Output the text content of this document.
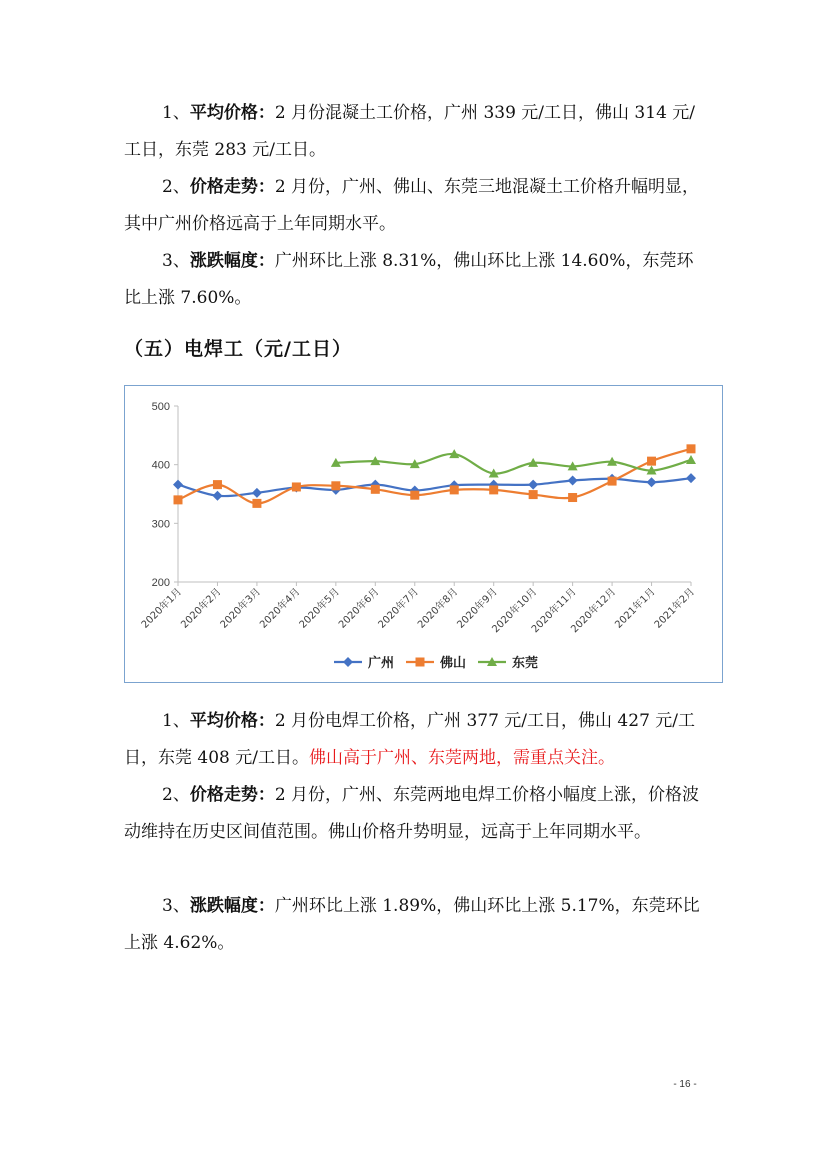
1、平均价格：2 月份混凝土工价格，广州 339 元/工日，佛山 314 元/工日，东莞 283 元/工日。

2、价格走势：2 月份，广州、佛山、东莞三地混凝土工价格升幅明显，其中广州价格远高于上年同期水平。

3、涨跌幅度：广州环比上涨 8.31%，佛山环比上涨 14.60%，东莞环比上涨 7.60%。

（五）电焊工（元/工日）
200
300
400
500
2020年1月
2020年2月
2020年3月
2020年4月
2020年5月
2020年6月
2020年7月
2020年8月
2020年9月
2020年10月
2020年11月
2020年12月
2021年1月
2021年2月
广州	佛山	东莞

1、平均价格：2 月份电焊工价格，广州 377 元/工日，佛山 427 元/工日，东莞 408 元/工日。佛山高于广州、东莞两地，需重点关注。

2、价格走势：2 月份，广州、东莞两地电焊工价格小幅度上涨，价格波动维持在历史区间值范围。佛山价格升势明显，远高于上年同期水平。

3、涨跌幅度：广州环比上涨 1.89%，佛山环比上涨 5.17%，东莞环比上涨 4.62%。

- 16 -
